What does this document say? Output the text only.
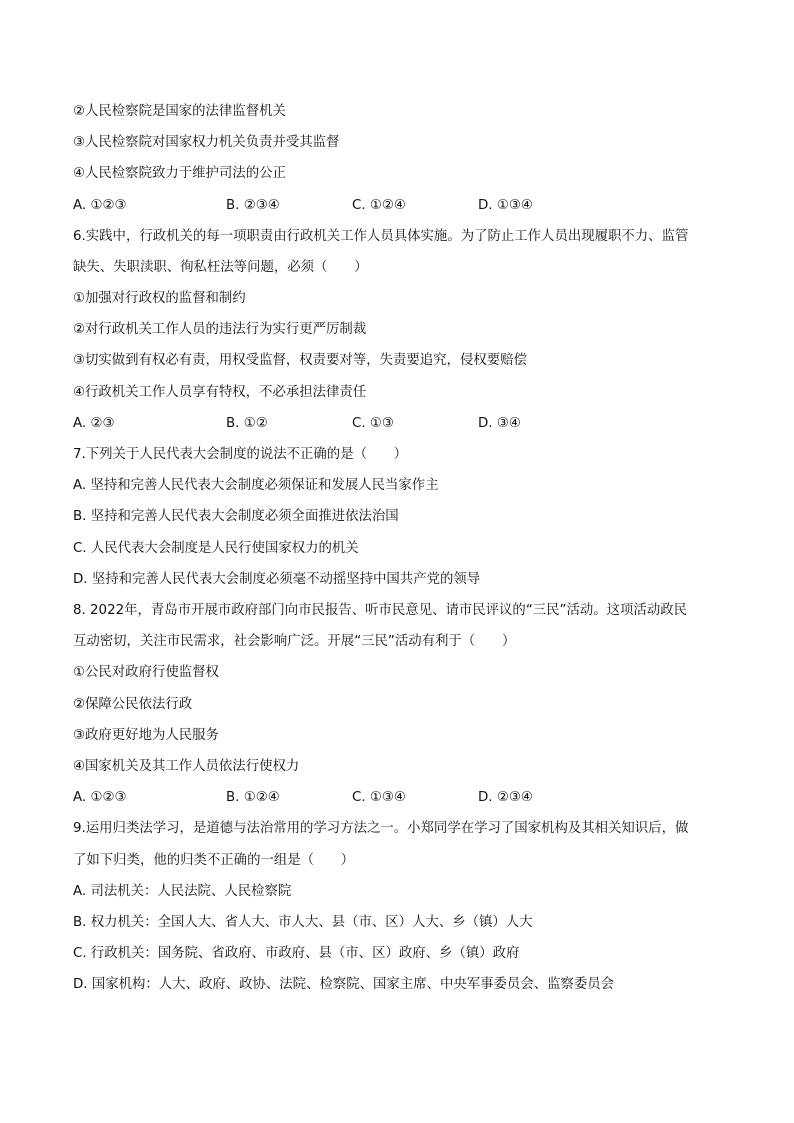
②人民检察院是国家的法律监督机关
③人民检察院对国家权力机关负责并受其监督
④人民检察院致力于维护司法的公正
A. ①②③	B. ②③④	C. ①②④	D. ①③④
6.实践中，行政机关的每一项职责由行政机关工作人员具体实施。为了防止工作人员出现履职不力、监管
缺失、失职渎职、徇私枉法等问题，必须（　　）
①加强对行政权的监督和制约
②对行政机关工作人员的违法行为实行更严厉制裁
③切实做到有权必有责，用权受监督，权责要对等，失责要追究，侵权要赔偿
④行政机关工作人员享有特权，不必承担法律责任
A. ②③	B. ①②	C. ①③	D. ③④
7.下列关于人民代表大会制度的说法不正确的是（　　）
A. 坚持和完善人民代表大会制度必须保证和发展人民当家作主
B. 坚持和完善人民代表大会制度必须全面推进依法治国
C. 人民代表大会制度是人民行使国家权力的机关
D. 坚持和完善人民代表大会制度必须毫不动摇坚持中国共产党的领导
8. 2022年，青岛市开展市政府部门向市民报告、听市民意见、请市民评议的“三民”活动。这项活动政民
互动密切，关注市民需求，社会影响广泛。开展“三民”活动有利于（　　）
①公民对政府行使监督权
②保障公民依法行政
③政府更好地为人民服务
④国家机关及其工作人员依法行使权力
A. ①②③	B. ①②④	C. ①③④	D. ②③④
9.运用归类法学习，是道德与法治常用的学习方法之一。小郑同学在学习了国家机构及其相关知识后，做
了如下归类，他的归类不正确的一组是（　　）
A. 司法机关：人民法院、人民检察院
B. 权力机关：全国人大、省人大、市人大、县（市、区）人大、乡（镇）人大
C. 行政机关：国务院、省政府、市政府、县（市、区）政府、乡（镇）政府
D. 国家机构：人大、政府、政协、法院、检察院、国家主席、中央军事委员会、监察委员会
